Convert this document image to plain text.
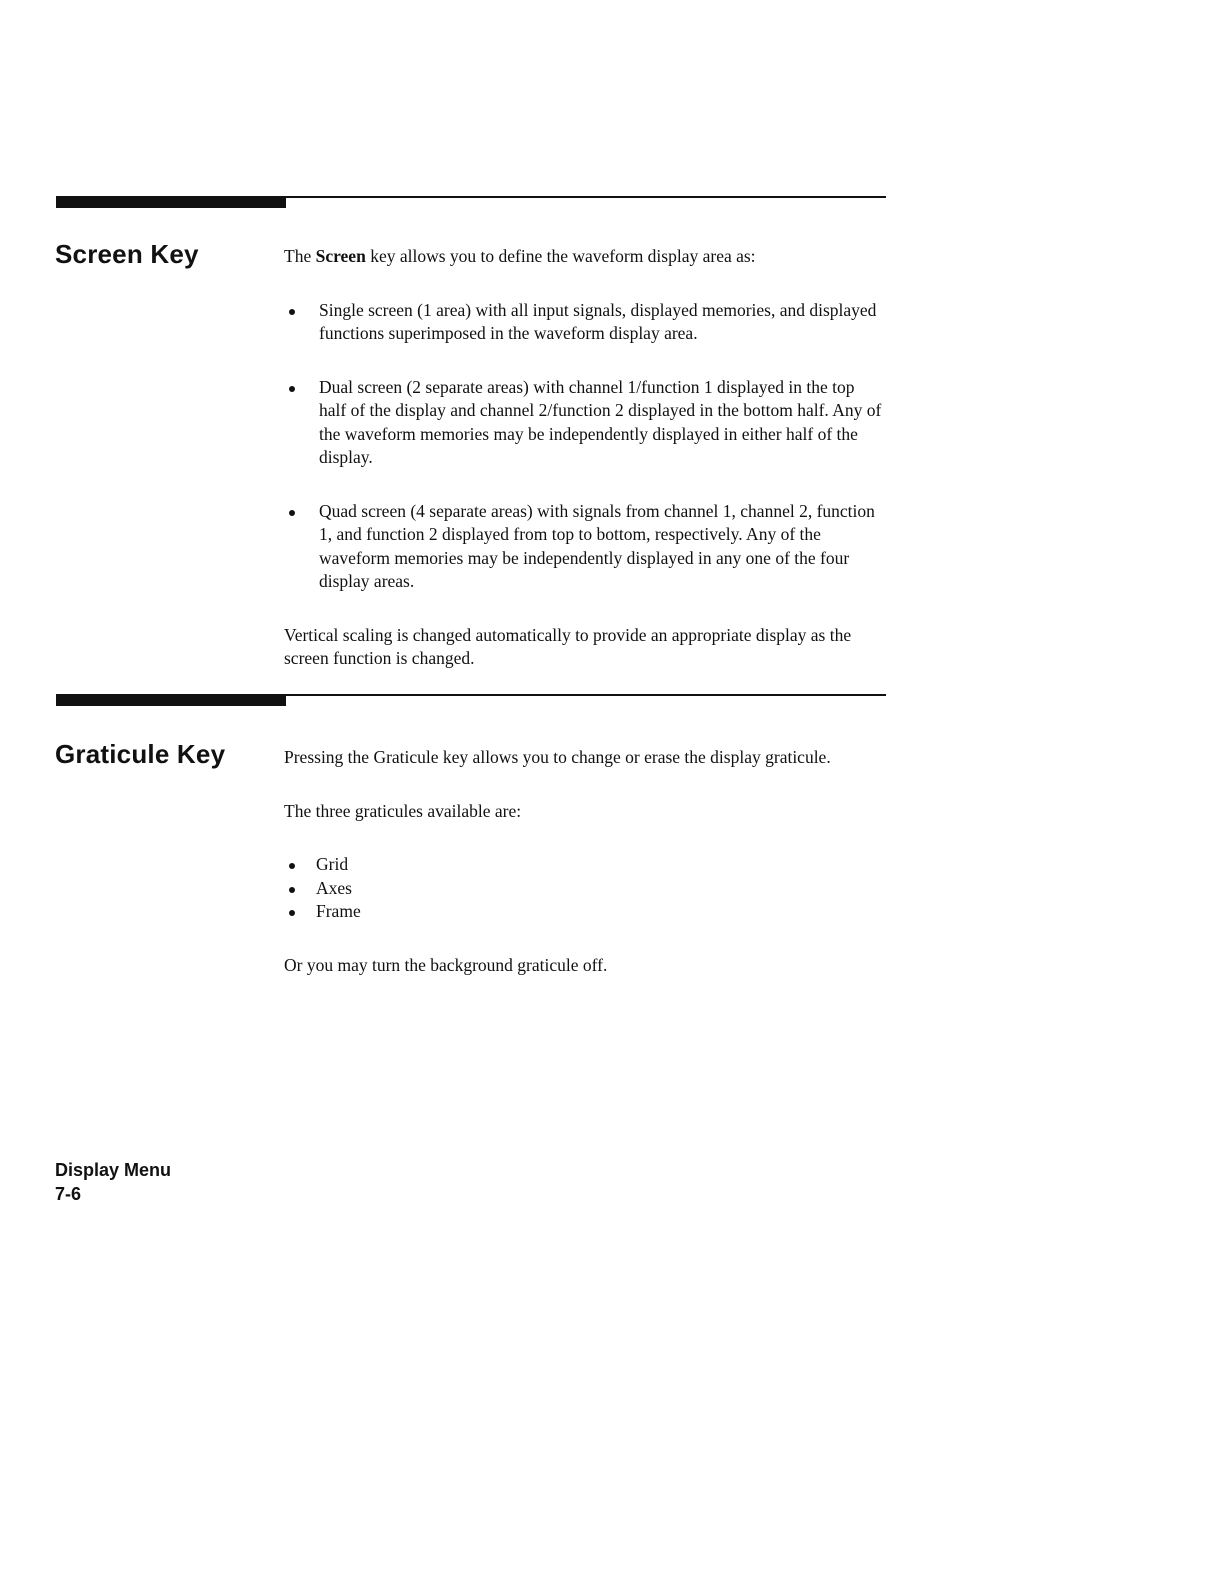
Screen Key	The Screen key allows you to define the waveform display area as:

Single screen (1 area) with all input signals, displayed memories, and displayed functions superimposed in the waveform display area.
Dual screen (2 separate areas) with channel 1/function 1 displayed in the top half of the display and channel 2/function 2 displayed in the bottom half. Any of the waveform memories may be independently displayed in either half of the display.
Quad screen (4 separate areas) with signals from channel 1, channel 2, function 1, and function 2 displayed from top to bottom, respectively. Any of the waveform memories may be independently displayed in any one of the four display areas.

Vertical scaling is changed automatically to provide an appropriate display as the screen function is changed.

Graticule Key	Pressing the Graticule key allows you to change or erase the display graticule.

The three graticules available are:

Grid
Axes
Frame

Or you may turn the background graticule off.

Display Menu
7-6
